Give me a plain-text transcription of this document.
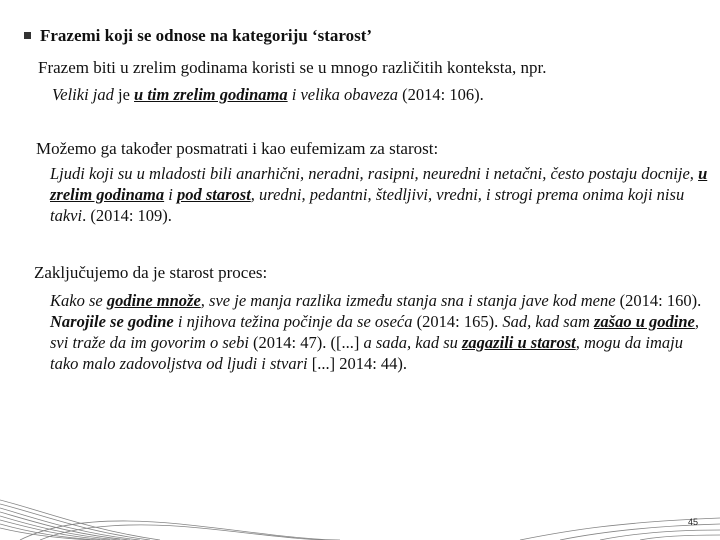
Frazemi koji se odnose na kategoriju ‘starost’
Frazem biti u zrelim godinama koristi se u mnogo različitih konteksta, npr.
Veliki jad je u tim zrelim godinama i velika obaveza (2014: 106).
Možemo ga također posmatrati i kao eufemizam za starost:
Ljudi koji su u mladosti bili anarhični, neradni, rasipni, neuredni i netačni, često postaju docnije, u zrelim godinama i pod starost, uredni, pedantni, štedljivi, vredni, i strogi prema onima koji nisu takvi. (2014: 109).
Zaključujemo da je starost proces:
Kako se godine množe, sve je manja razlika između stanja sna i stanja jave kod mene (2014: 160). Narojile se godine i njihova težina počinje da se oseća (2014: 165). Sad, kad sam zašao u godine, svi traže da im govorim o sebi (2014: 47). ([...] a sada, kad su zagazili u starost, mogu da imaju tako malo zadovoljstva od ljudi i stvari [...] 2014: 44).
45
